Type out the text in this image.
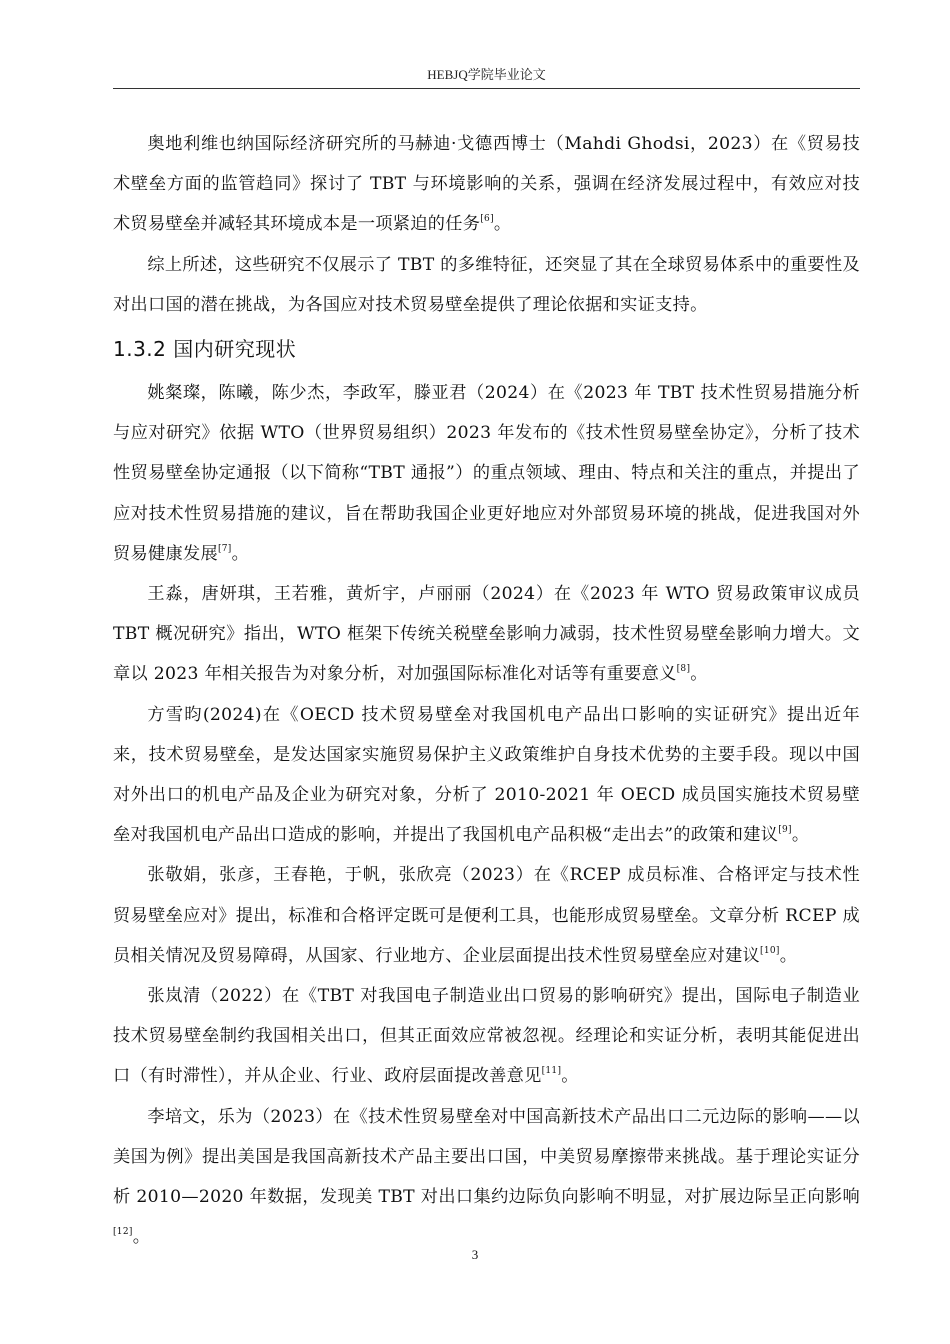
HEBJQ学院毕业论文

奥地利维也纳国际经济研究所的马赫迪·戈德西博士（Mahdi Ghodsi，2023）在《贸易技术壁垒方面的监管趋同》探讨了 TBT 与环境影响的关系，强调在经济发展过程中，有效应对技术贸易壁垒并减轻其环境成本是一项紧迫的任务[6]。

综上所述，这些研究不仅展示了 TBT 的多维特征，还突显了其在全球贸易体系中的重要性及对出口国的潜在挑战，为各国应对技术贸易壁垒提供了理论依据和实证支持。

1.3.2 国内研究现状

姚粲璨，陈曦，陈少杰，李政军，滕亚君（2024）在《2023 年 TBT 技术性贸易措施分析与应对研究》依据 WTO（世界贸易组织）2023 年发布的《技术性贸易壁垒协定》，分析了技术性贸易壁垒协定通报（以下简称“TBT 通报”）的重点领域、理由、特点和关注的重点，并提出了应对技术性贸易措施的建议，旨在帮助我国企业更好地应对外部贸易环境的挑战，促进我国对外贸易健康发展[7]。

王淼，唐妍琪，王若雅，黄炘宇，卢丽丽（2024）在《2023 年 WTO 贸易政策审议成员 TBT 概况研究》指出，WTO 框架下传统关税壁垒影响力减弱，技术性贸易壁垒影响力增大。文章以 2023 年相关报告为对象分析，对加强国际标准化对话等有重要意义[8]。

方雪昀(2024)在《OECD 技术贸易壁垒对我国机电产品出口影响的实证研究》提出近年来，技术贸易壁垒，是发达国家实施贸易保护主义政策维护自身技术优势的主要手段。现以中国对外出口的机电产品及企业为研究对象，分析了 2010-2021 年 OECD 成员国实施技术贸易壁垒对我国机电产品出口造成的影响，并提出了我国机电产品积极“走出去”的政策和建议[9]。

张敬娟，张彦，王春艳，于帆，张欣亮（2023）在《RCEP 成员标准、合格评定与技术性贸易壁垒应对》提出，标准和合格评定既可是便利工具，也能形成贸易壁垒。文章分析 RCEP 成员相关情况及贸易障碍，从国家、行业地方、企业层面提出技术性贸易壁垒应对建议[10]。

张岚清（2022）在《TBT 对我国电子制造业出口贸易的影响研究》提出，国际电子制造业技术贸易壁垒制约我国相关出口，但其正面效应常被忽视。经理论和实证分析，表明其能促进出口（有时滞性），并从企业、行业、政府层面提改善意见[11]。

李培文，乐为（2023）在《技术性贸易壁垒对中国高新技术产品出口二元边际的影响——以美国为例》提出美国是我国高新技术产品主要出口国，中美贸易摩擦带来挑战。基于理论实证分析 2010—2020 年数据，发现美 TBT 对出口集约边际负向影响不明显，对扩展边际呈正向影响[12]。

3
